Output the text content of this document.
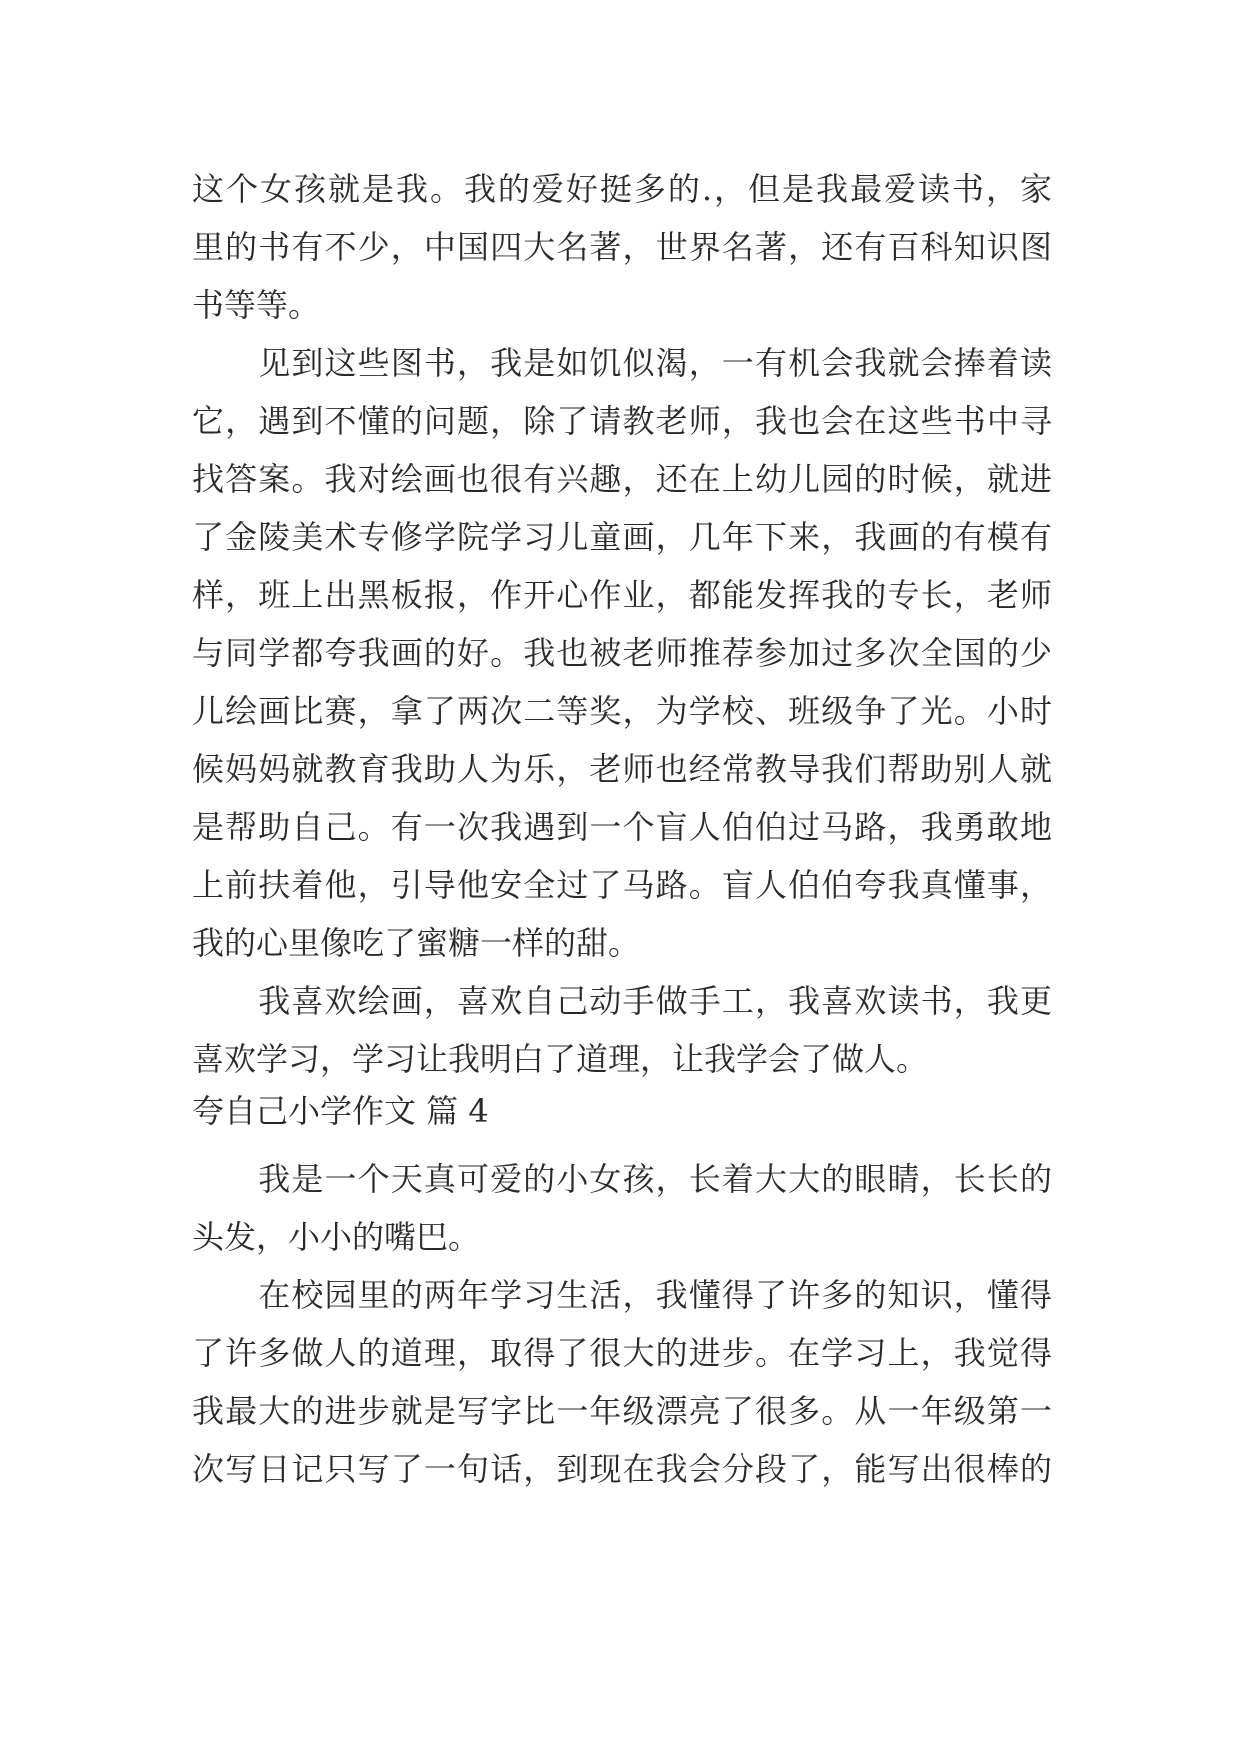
这个女孩就是我。我的爱好挺多的.，但是我最爱读书，家
里的书有不少，中国四大名著，世界名著，还有百科知识图
书等等。
　　见到这些图书，我是如饥似渴，一有机会我就会捧着读
它，遇到不懂的问题，除了请教老师，我也会在这些书中寻
找答案。我对绘画也很有兴趣，还在上幼儿园的时候，就进
了金陵美术专修学院学习儿童画，几年下来，我画的有模有
样，班上出黑板报，作开心作业，都能发挥我的专长，老师
与同学都夸我画的好。我也被老师推荐参加过多次全国的少
儿绘画比赛，拿了两次二等奖，为学校、班级争了光。小时
候妈妈就教育我助人为乐，老师也经常教导我们帮助别人就
是帮助自己。有一次我遇到一个盲人伯伯过马路，我勇敢地
上前扶着他，引导他安全过了马路。盲人伯伯夸我真懂事，
我的心里像吃了蜜糖一样的甜。
　　我喜欢绘画，喜欢自己动手做手工，我喜欢读书，我更
喜欢学习，学习让我明白了道理，让我学会了做人。
夸自己小学作文 篇 4
　　我是一个天真可爱的小女孩，长着大大的眼睛，长长的
头发，小小的嘴巴。
　　在校园里的两年学习生活，我懂得了许多的知识，懂得
了许多做人的道理，取得了很大的进步。在学习上，我觉得
我最大的进步就是写字比一年级漂亮了很多。从一年级第一
次写日记只写了一句话，到现在我会分段了，能写出很棒的
